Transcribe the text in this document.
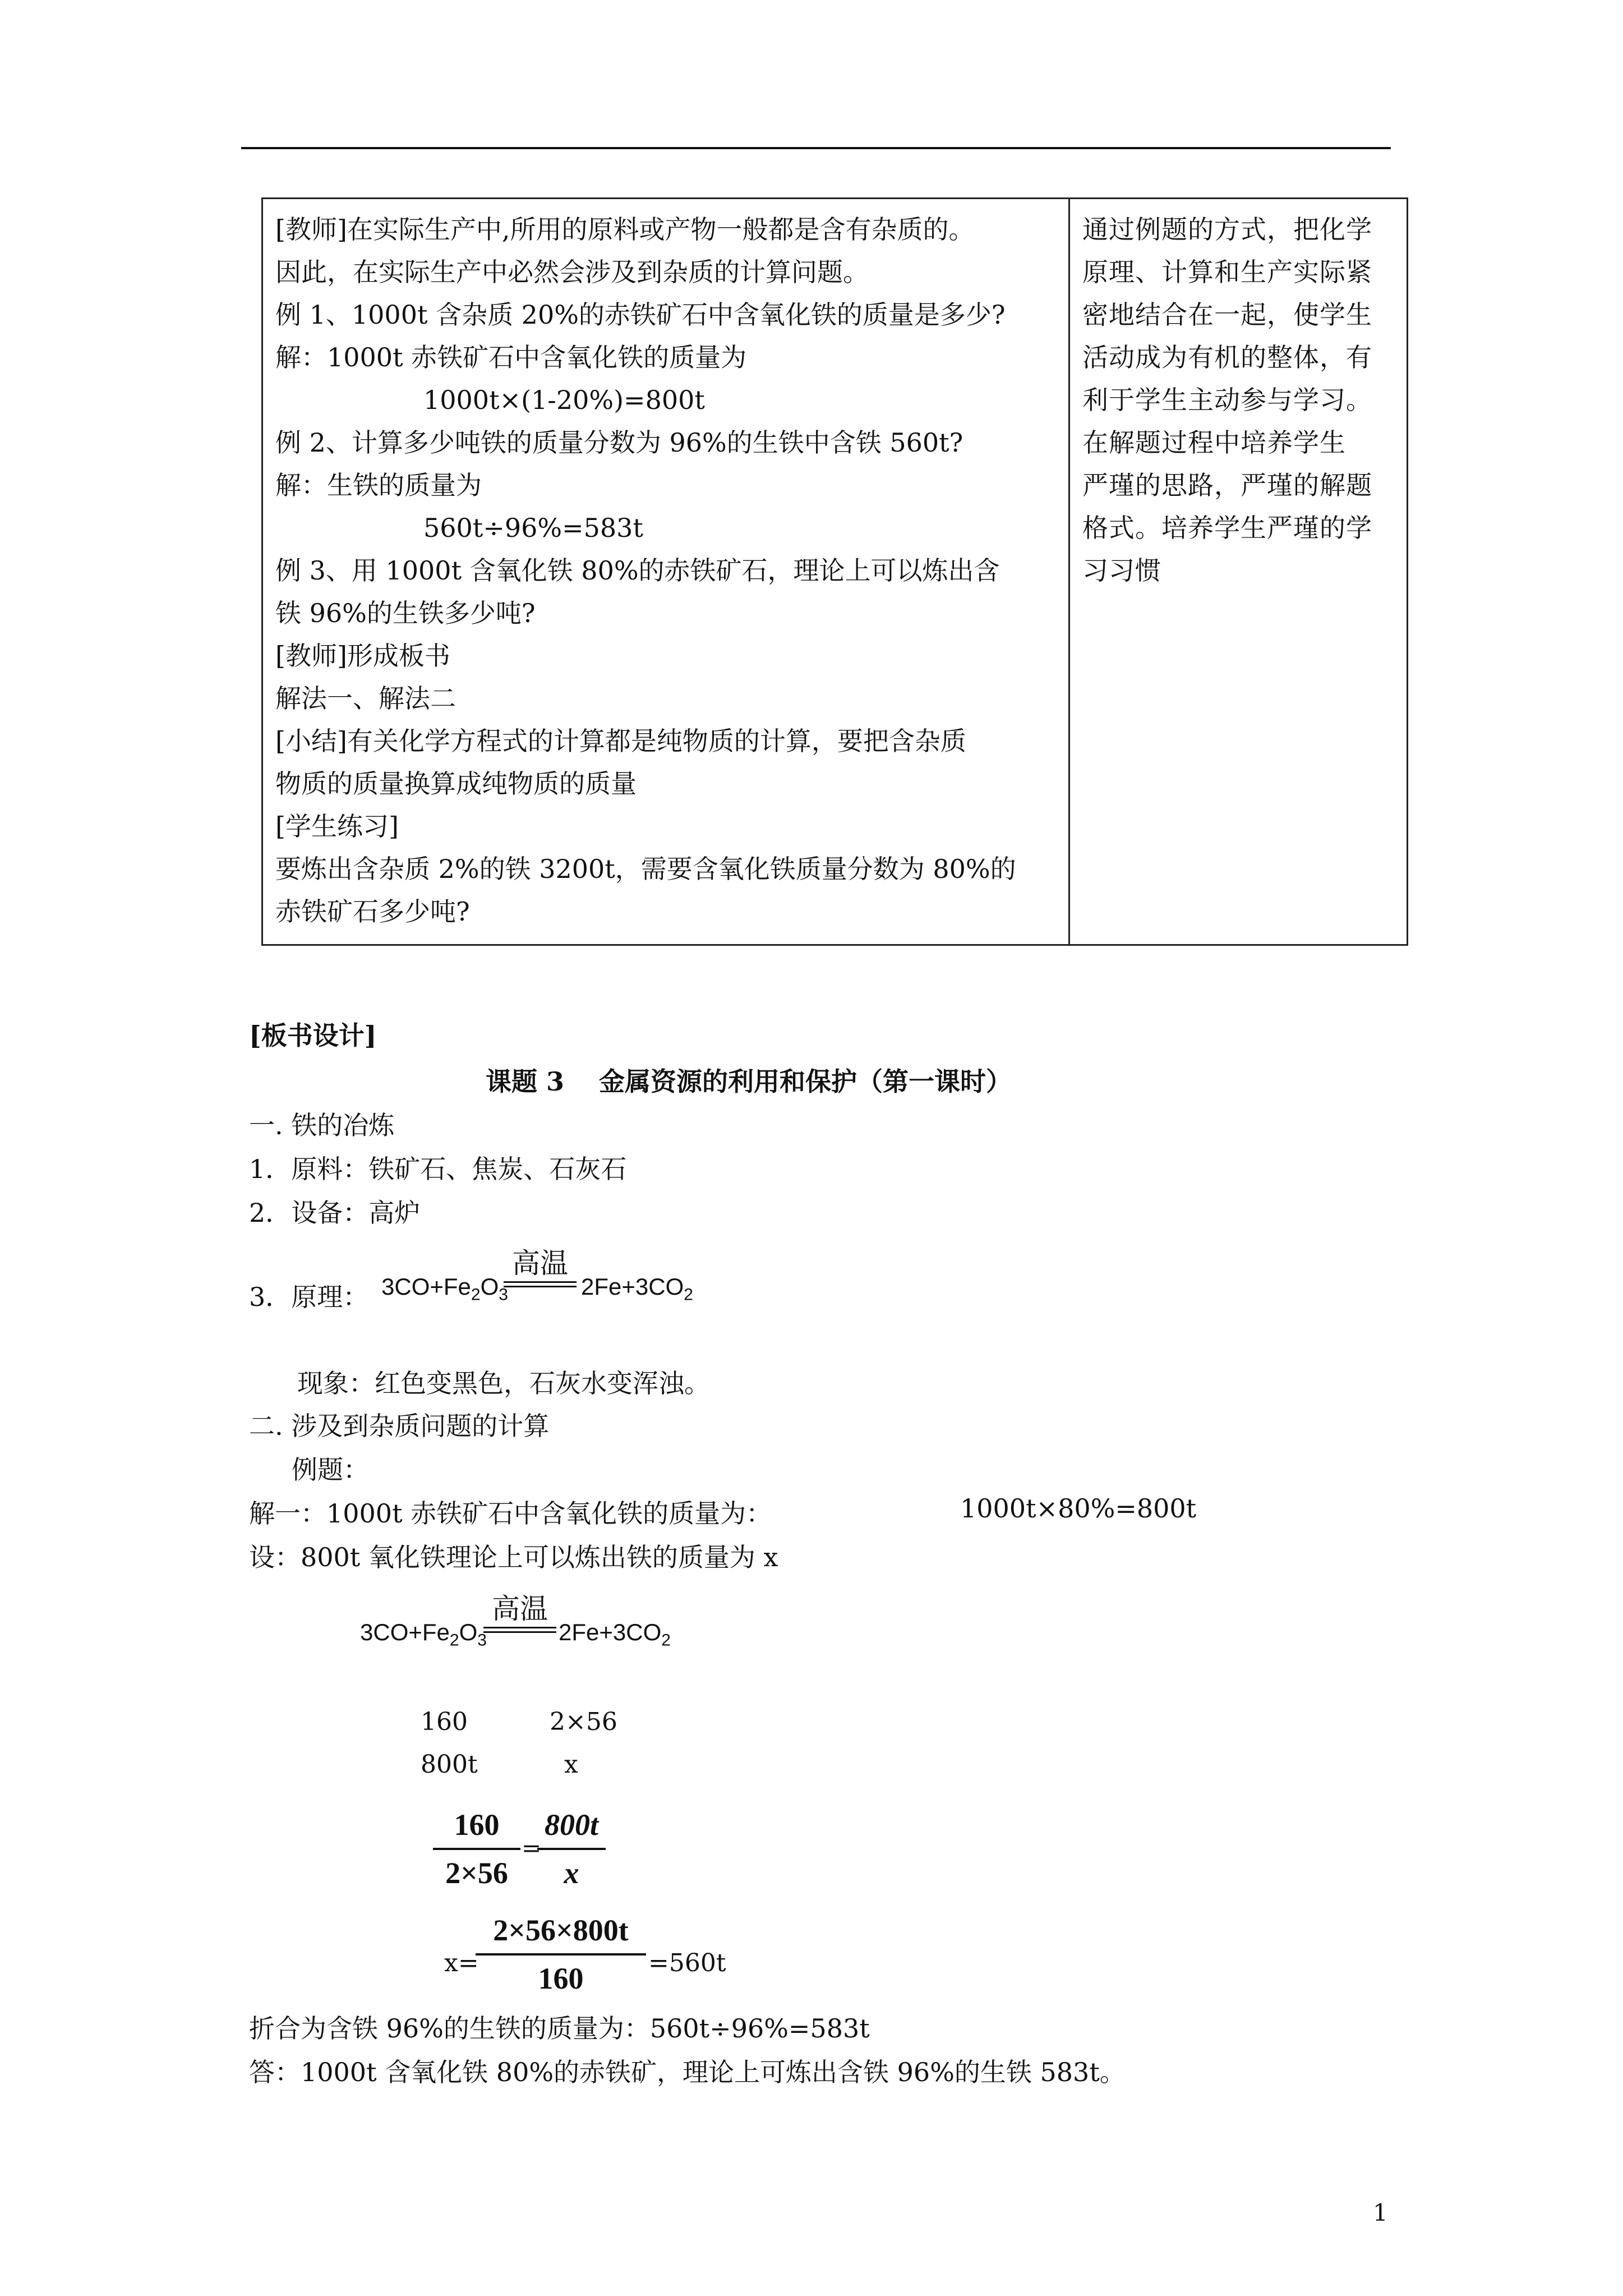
[教师]在实际生产中,所用的原料或产物一般都是含有杂质的。
因此，在实际生产中必然会涉及到杂质的计算问题。
例 1、1000t 含杂质 20%的赤铁矿石中含氧化铁的质量是多少?
解：1000t 赤铁矿石中含氧化铁的质量为
1000t×(1-20%)=800t
例 2、计算多少吨铁的质量分数为 96%的生铁中含铁 560t?
解：生铁的质量为
560t÷96%=583t
例 3、用 1000t 含氧化铁 80%的赤铁矿石，理论上可以炼出含
铁 96%的生铁多少吨?
[教师]形成板书
解法一、解法二
[小结]有关化学方程式的计算都是纯物质的计算，要把含杂质
物质的质量换算成纯物质的质量
[学生练习]
要炼出含杂质 2%的铁 3200t，需要含氧化铁质量分数为 80%的
赤铁矿石多少吨?

通过例题的方式，把化学
原理、计算和生产实际紧
密地结合在一起，使学生
活动成为有机的整体，有
利于学生主动参与学习。
在解题过程中培养学生
严瑾的思路，严瑾的解题
格式。培养学生严瑾的学
习习惯
[板书设计]
课题 3　 金属资源的利用和保护（第一课时）
一. 铁的冶炼
1．原料：铁矿石、焦炭、石灰石
2．设备：高炉
3．原理： $3CO+Fe_2O_3$
高温
$2Fe+3CO_2$
现象：红色变黑色，石灰水变浑浊。
二. 涉及到杂质问题的计算
例题：
解一：1000t 赤铁矿石中含氧化铁的质量为：	1000t×80%=800t
设：800t 氧化铁理论上可以炼出铁的质量为 x
$3CO+Fe_2O_3$
高温
$2Fe+3CO_2$
160	2×56
800t	x
160
2×56
=
800t
x
x=
2×56×800t
160	=560t
折合为含铁 96%的生铁的质量为：560t÷96%=583t
答：1000t 含氧化铁 80%的赤铁矿，理论上可炼出含铁 96%的生铁 583t。
1
